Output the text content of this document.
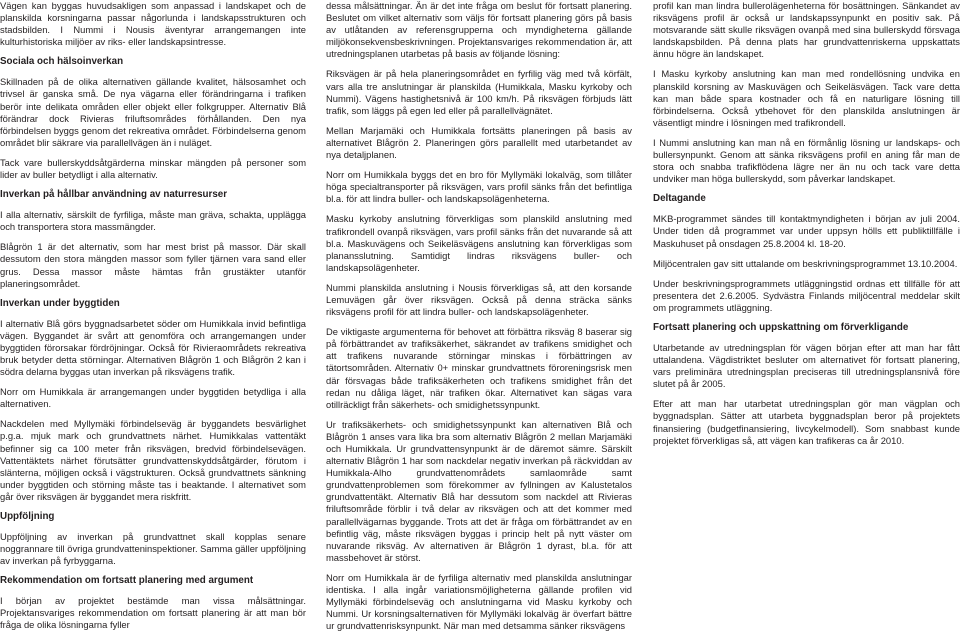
Vägen kan byggas huvudsakligen som anpassad i landskapet och de planskilda korsningarna passar någorlunda i landskapsstrukturen och stadsbilden. I Nummi i Nousis äventyrar arrangemangen inte kulturhistoriska miljöer av riks- eller landskapsintresse.

Sociala och hälsoinverkan

Skillnaden på de olika alternativen gällande kvalitet, hälsosamhet och trivsel är ganska små. De nya vägarna eller förändringarna i trafiken berör inte delikata områden eller objekt eller folkgrupper. Alternativ Blå förändrar dock Rivieras friluftsområdes förhållanden. Den nya förbindelsen byggs genom det rekreativa området. Förbindelserna genom området blir säkrare via parallellvägen än i nuläget.

Tack vare bullerskyddsåtgärderna minskar mängden på personer som lider av buller betydligt i alla alternativ.

Inverkan på hållbar användning av naturresurser

I alla alternativ, särskilt de fyrfiliga, måste man gräva, schakta, upplägga och transportera stora massmängder.

Blågrön 1 är det alternativ, som har mest brist på massor. Där skall dessutom den stora mängden massor som fyller tjärnen vara sand eller grus. Dessa massor måste hämtas från grustäkter utanför planeringsområdet.

Inverkan under byggtiden

I alternativ Blå görs byggnadsarbetet söder om Humikkala invid befintliga vägen. Byggandet är svårt att genomföra och arrangemangen under byggtiden förorsakar fördröjningar. Också för Rivieraområdets rekreativa bruk betyder detta störningar. Alternativen Blågrön 1 och Blågrön 2 kan i södra delarna byggas utan inverkan på riksvägens trafik.

Norr om Humikkala är arrangemangen under byggtiden betydliga i alla alternativen.

Nackdelen med Myllymäki förbindelseväg är byggandets besvärlighet p.g.a. mjuk mark och grundvattnets närhet. Humikkalas vattentäkt befinner sig ca 100 meter från riksvägen, bredvid förbindelsevägen. Vattentäktets närhet förutsätter grundvattenskyddsåtgärder, förutom i slänterna, möjligen också i vägstrukturen. Också grundvattnets sänkning under byggtiden och störning måste tas i beaktande. I alternativet som går över riksvägen är byggandet mera riskfritt.

Uppföljning

Uppföljning av inverkan på grundvattnet skall kopplas senare noggrannare till övriga grundvatteninspektioner. Samma gäller uppföljning av inverkan på fyrbyggarna.

Rekommendation om fortsatt planering med argument

I början av projektet bestämde man vissa målsättningar. Projektansvariges rekommendation om fortsatt planering är att man bör fråga de olika lösningarna fyller

dessa målsättningar. Än är det inte fråga om beslut för fortsatt planering. Beslutet om vilket alternativ som väljs för fortsatt planering görs på basis av utlåtanden av referensgrupperna och myndigheterna gällande miljökonsekvensbeskrivningen. Projektansvariges rekommendation är, att utredningsplanen utarbetas på basis av följande lösning:

Riksvägen är på hela planeringsområdet en fyrfilig väg med två körfält, vars alla tre anslutningar är planskilda (Humikkala, Masku kyrkoby och Nummi). Vägens hastighetsnivå är 100 km/h. På riksvägen förbjuds lätt trafik, som läggs på egen led eller på parallellvägnätet.

Mellan Marjamäki och Humikkala fortsätts planeringen på basis av alternativet Blågrön 2. Planeringen görs parallellt med utarbetandet av nya detaljplanen.

Norr om Humikkala byggs det en bro för Myllymäki lokalväg, som tillåter höga specialtransporter på riksvägen, vars profil sänks från det befintliga bl.a. för att lindra buller- och landskapsolägenheterna.

Masku kyrkoby anslutning förverkligas som planskild anslutning med trafikrondell ovanpå riksvägen, vars profil sänks från det nuvarande så att bl.a. Maskuvägens och Seikeläsvägens anslutning kan förverkligas som planansslutning. Samtidigt lindras riksvägens buller- och landskapsolägenheter.

Nummi planskilda anslutning i Nousis förverkligas så, att den korsande Lemuvägen går över riksvägen. Också på denna sträcka sänks riksvägens profil för att lindra buller- och landskapsolägenheter.

De viktigaste argumenterna för behovet att förbättra riksväg 8 baserar sig på förbättrandet av trafiksäkerhet, säkrandet av trafikens smidighet och att trafikens nuvarande störningar minskas i förbättringen av tätortsområden. Alternativ 0+ minskar grundvattnets föroreningsrisk men där försvagas både trafiksäkerheten och trafikens smidighet från det redan nu dåliga läget, när trafiken ökar. Alternativet kan sägas vara otillräckligt från säkerhets- och smidighetssynpunkt.

Ur trafiksäkerhets- och smidighetssynpunkt kan alternativen Blå och Blågrön 1 anses vara lika bra som alternativ Blågrön 2 mellan Marjamäki och Humikkala. Ur grundvattensynpunkt är de däremot sämre. Särskilt alternativ Blågrön 1 har som nackdelar negativ inverkan på räckviddan av Humikkala-Alho grundvattenområdets samlaområde samt grundvattenproblemen som förekommer av fyllningen av Kalustetalos grundvattentäkt. Alternativ Blå har dessutom som nackdel att Rivieras friluftsområde förblir i två delar av riksvägen och att det kommer med parallellvägarnas byggande. Trots att det är fråga om förbättrandet av en befintlig väg, måste riksvägen byggas i princip helt på nytt väster om nuvarande riksväg. Av alternativen är Blågrön 1 dyrast, bl.a. för att massbehovet är störst.

Norr om Humikkala är de fyrfiliga alternativ med planskilda anslutningar identiska. I alla ingår variationsmöjligheterna gällande profilen vid Myllymäki förbindelseväg och anslutningarna vid Masku kyrkoby och Nummi. Ur korsningsalternativen för Myllymäki lokalväg är överfart bättre ur grundvattenrisksynpunkt. När man med detsamma sänker riksvägens

profil kan man lindra bullerolägenheterna för bosättningen. Sänkandet av riksvägens profil är också ur landskapssynpunkt en positiv sak. På motsvarande sätt skulle riksvägen ovanpå med sina bullerskydd försvaga landskapsbilden. På denna plats har grundvattenriskerna uppskattats ännu högre än landskapet.

I Masku kyrkoby anslutning kan man med rondellösning undvika en planskild korsning av Maskuvägen och Seikeläsvägen. Tack vare detta kan man både spara kostnader och få en naturligare lösning till förbindelserna. Också ytbehovet för den planskilda anslutningen är väsentligt mindre i lösningen med trafikrondell.

I Nummi anslutning kan man nå en förmånlig lösning ur landskaps- och bullersynpunkt. Genom att sänka riksvägens profil en aning får man de stora och snabba trafikflödena lägre ner än nu och tack vare detta undviker man höga bullerskydd, som påverkar landskapet.

Deltagande

MKB-programmet sändes till kontaktmyndigheten i början av juli 2004. Under tiden då programmet var under uppsyn hölls ett publiktillfälle i Maskuhuset på onsdagen 25.8.2004 kl. 18-20.

Miljöcentralen gav sitt uttalande om beskrivningsprogrammet 13.10.2004.

Under beskrivningsprogrammets utläggningstid ordnas ett tillfälle för att presentera det 2.6.2005. Sydvästra Finlands miljöcentral meddelar skilt om programmets utläggning.

Fortsatt planering och uppskattning om förverkligande

Utarbetande av utredningsplan för vägen början efter att man har fått uttalandena. Vägdistriktet besluter om alternativet för fortsatt planering, vars preliminära utredningsplan preciseras till utredningsplansnivå före slutet på år 2005.

Efter att man har utarbetat utredningsplan gör man vägplan och byggnadsplan. Sätter att utarbeta byggnadsplan beror på projektets finansiering (budgetfinansiering, livcykelmodell). Som snabbast kunde projektet förverkligas så, att vägen kan trafikeras ca år 2010.
